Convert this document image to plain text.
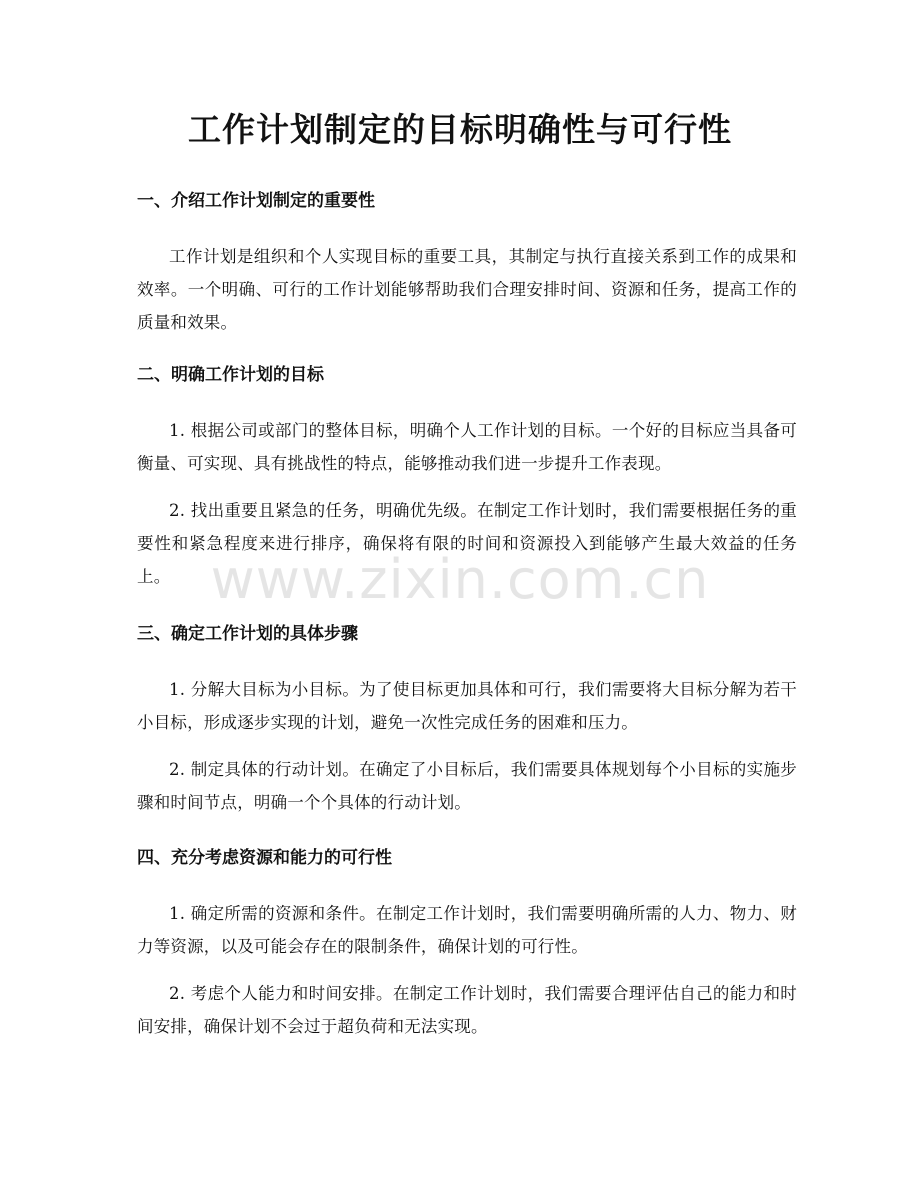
工作计划制定的目标明确性与可行性
一、介绍工作计划制定的重要性

工作计划是组织和个人实现目标的重要工具，其制定与执行直接关系到工作的成果和效率。一个明确、可行的工作计划能够帮助我们合理安排时间、资源和任务，提高工作的质量和效果。

二、明确工作计划的目标

1. 根据公司或部门的整体目标，明确个人工作计划的目标。一个好的目标应当具备可衡量、可实现、具有挑战性的特点，能够推动我们进一步提升工作表现。

2. 找出重要且紧急的任务，明确优先级。在制定工作计划时，我们需要根据任务的重要性和紧急程度来进行排序，确保将有限的时间和资源投入到能够产生最大效益的任务上。

三、确定工作计划的具体步骤

1. 分解大目标为小目标。为了使目标更加具体和可行，我们需要将大目标分解为若干小目标，形成逐步实现的计划，避免一次性完成任务的困难和压力。

2. 制定具体的行动计划。在确定了小目标后，我们需要具体规划每个小目标的实施步骤和时间节点，明确一个个具体的行动计划。

四、充分考虑资源和能力的可行性

1. 确定所需的资源和条件。在制定工作计划时，我们需要明确所需的人力、物力、财力等资源，以及可能会存在的限制条件，确保计划的可行性。

2. 考虑个人能力和时间安排。在制定工作计划时，我们需要合理评估自己的能力和时间安排，确保计划不会过于超负荷和无法实现。

www.zixin.com.cn
